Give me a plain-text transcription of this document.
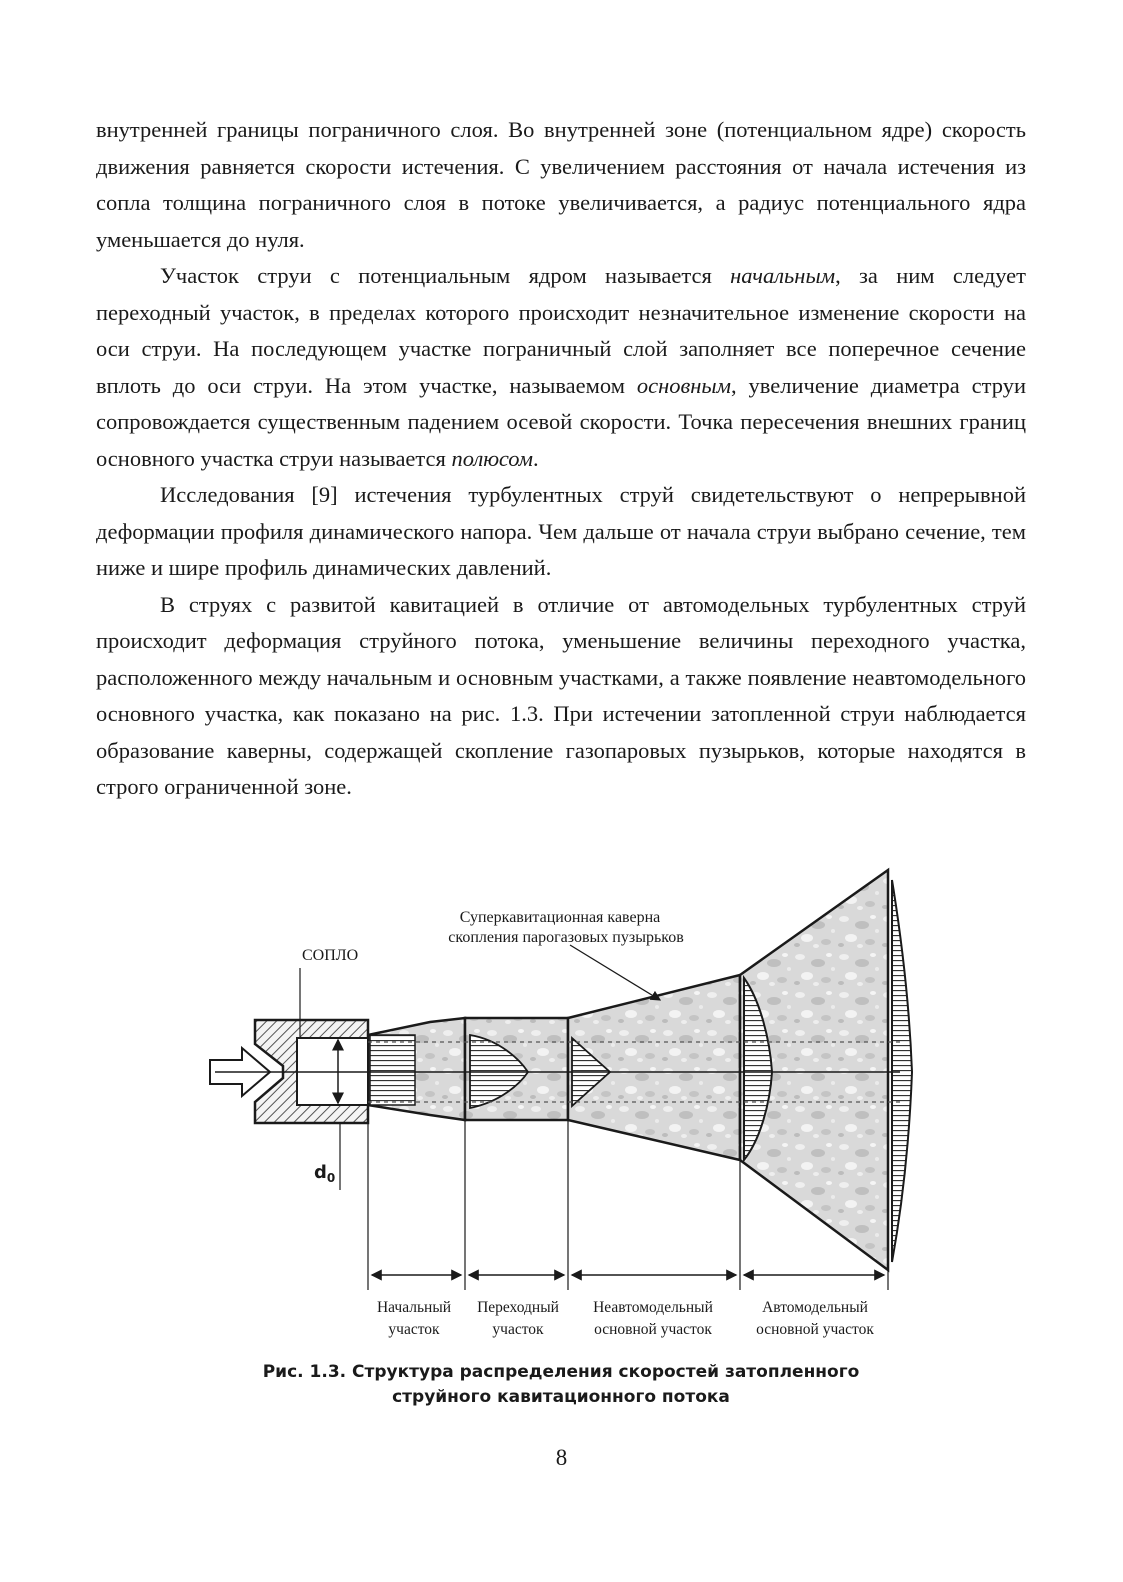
внутренней границы пограничного слоя. Во внутренней зоне (потенциальном ядре) скорость движения равняется скорости истечения. С увеличением расстояния от начала истечения из сопла толщина пограничного слоя в потоке увеличивается, а радиус потенциального ядра уменьшается до нуля.

Участок струи с потенциальным ядром называется начальным, за ним следует переходный участок, в пределах которого происходит незначительное изменение скорости на оси струи. На последующем участке пограничный слой заполняет все поперечное сечение вплоть до оси струи. На этом участке, называемом основным, увеличение диаметра струи сопровождается существенным падением осевой скорости. Точка пересечения внешних границ основного участка струи называется полюсом.

Исследования [9] истечения турбулентных струй свидетельствуют о непрерывной деформации профиля динамического напора. Чем дальше от начала струи выбрано сечение, тем ниже и шире профиль динамических давлений.

В струях с развитой кавитацией в отличие от автомодельных турбулентных струй происходит деформация струйного потока, уменьшение величины переходного участка, расположенного между начальным и основным участками, а также появление неавтомодельного основного участка, как показано на рис. 1.3. При истечении затопленной струи наблюдается образование каверны, содержащей скопление газопаровых пузырьков, которые находятся в строго ограниченной зоне.

СОПЛО
Суперкавитационная каверна
скопления парогазовых пузырьков
$d_0$
Начальный
участок
Переходный
участок
Неавтомодельный
основной участок
Автомодельный
основной участок
Рис. 1.3. Структура распределения скоростей затопленного
струйного кавитационного потока
8
